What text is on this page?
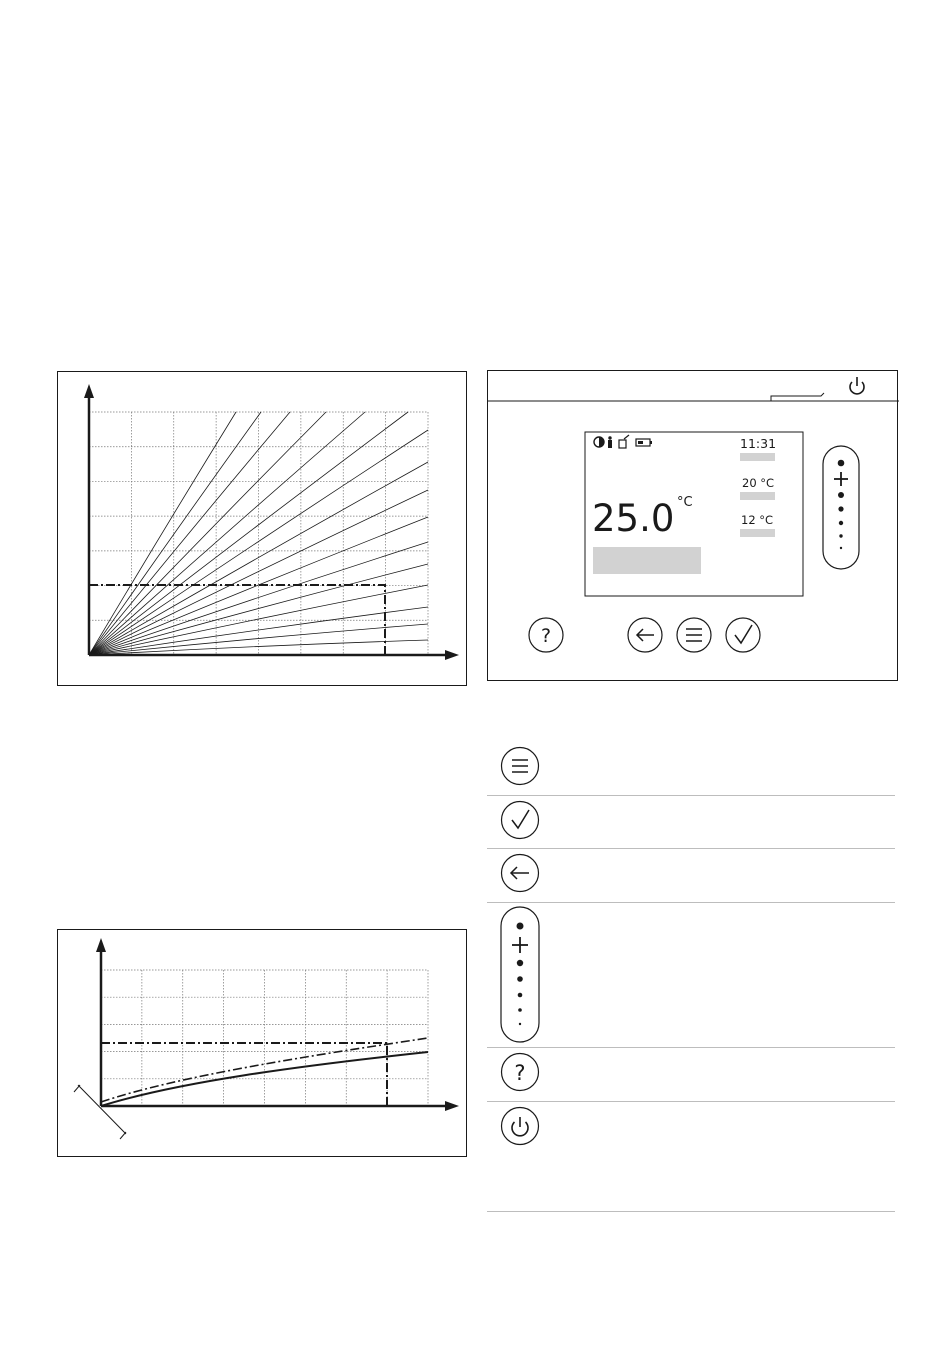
11:31
20 °C
12 °C
25.0 °C
?
?
